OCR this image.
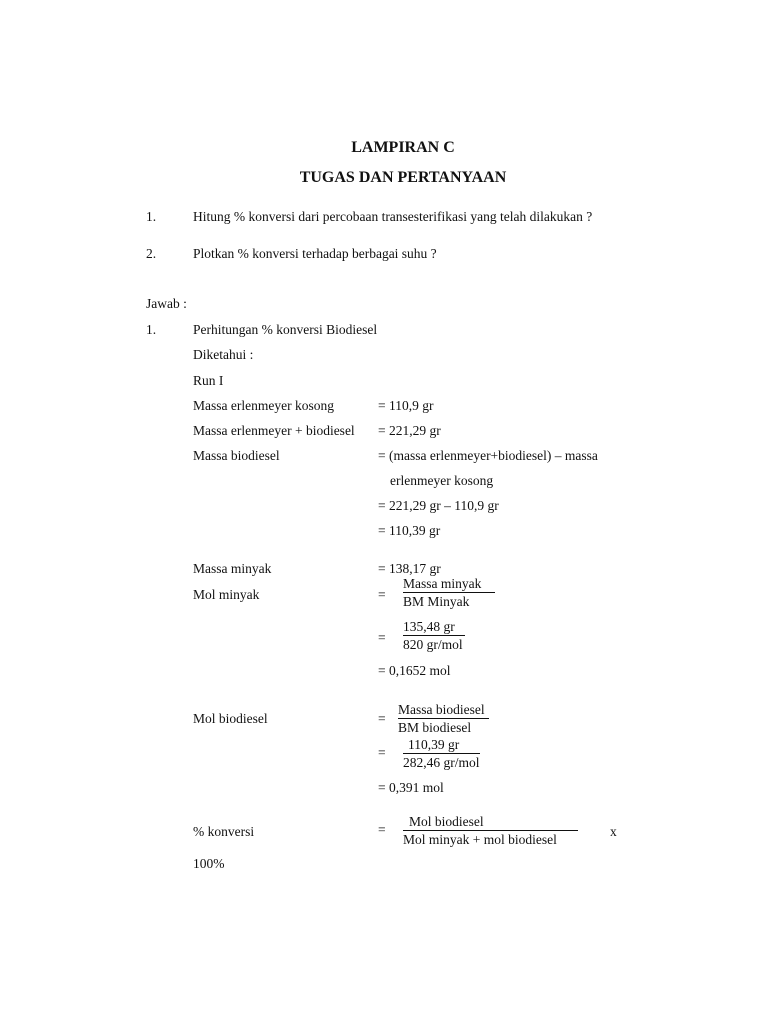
LAMPIRAN C
TUGAS DAN PERTANYAAN
1.	Hitung % konversi dari percobaan transesterifikasi yang telah dilakukan ?
2.	Plotkan % konversi terhadap berbagai suhu ?
Jawab :
1.	Perhitungan % konversi Biodiesel
Diketahui :
Run I
Massa erlenmeyer kosong	= 110,9 gr
Massa erlenmeyer + biodiesel = 221,29 gr
Massa biodiesel	= (massa erlenmeyer+biodiesel) – massa
erlenmeyer kosong
= 221,29 gr – 110,9 gr
= 110,39 gr
Massa minyak	= 138,17 gr
Mol minyak	=
Massa minyak
BM Minyak
=
135,48 gr
820 gr/mol
= 0,1652 mol
Mol biodiesel	=
Massa biodiesel
BM biodiesel
=
110,39 gr
282,46 gr/mol
= 0,391 mol
% konversi	=
Mol biodiesel
Mol minyak + mol biodiesel
x
100%
